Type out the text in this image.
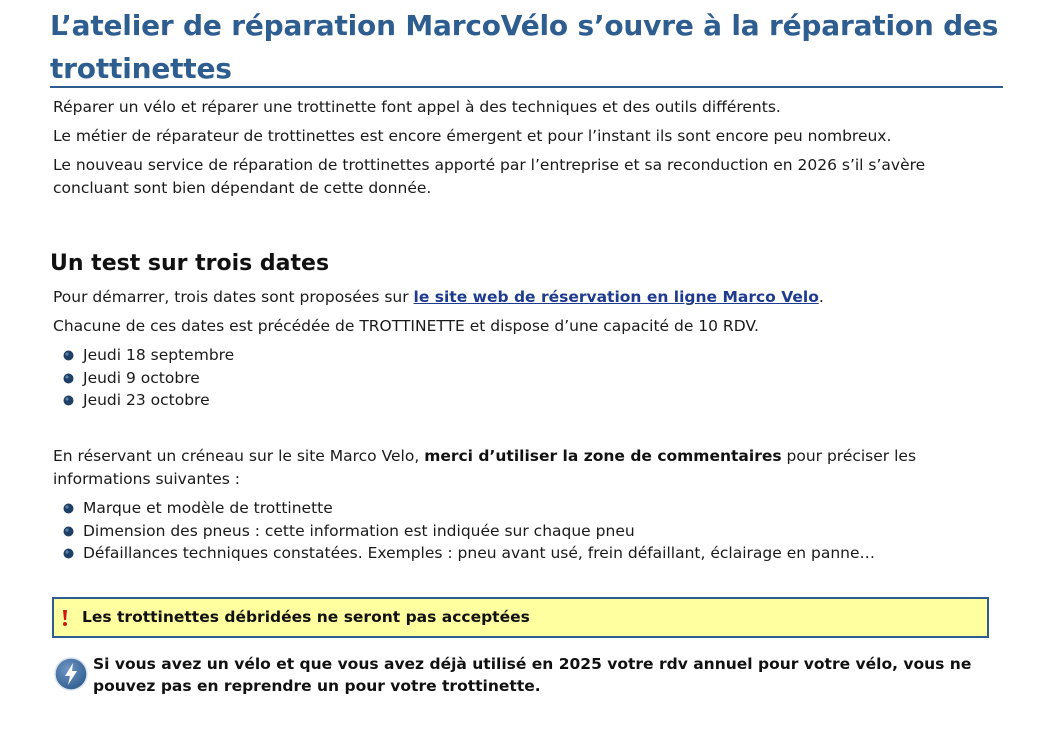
L’atelier de réparation MarcoVélo s’ouvre à la réparation des trottinettes

Réparer un vélo et réparer une trottinette font appel à des techniques et des outils différents.

Le métier de réparateur de trottinettes est encore émergent et pour l’instant ils sont encore peu nombreux.

Le nouveau service de réparation de trottinettes apporté par l’entreprise et sa reconduction en 2026 s’il s’avère concluant sont bien dépendant de cette donnée.

Un test sur trois dates

Pour démarrer, trois dates sont proposées sur le site web de réservation en ligne Marco Velo.

Chacune de ces dates est précédée de TROTTINETTE et dispose d’une capacité de 10 RDV.

Jeudi 18 septembre
Jeudi 9 octobre
Jeudi 23 octobre

En réservant un créneau sur le site Marco Velo, merci d’utiliser la zone de commentaires pour préciser les informations suivantes :

Marque et modèle de trottinette
Dimension des pneus : cette information est indiquée sur chaque pneu
Défaillances techniques constatées. Exemples : pneu avant usé, frein défaillant, éclairage en panne…
Les trottinettes débridées ne seront pas acceptées

Si vous avez un vélo et que vous avez déjà utilisé en 2025 votre rdv annuel pour votre vélo, vous ne pouvez pas en reprendre un pour votre trottinette.
